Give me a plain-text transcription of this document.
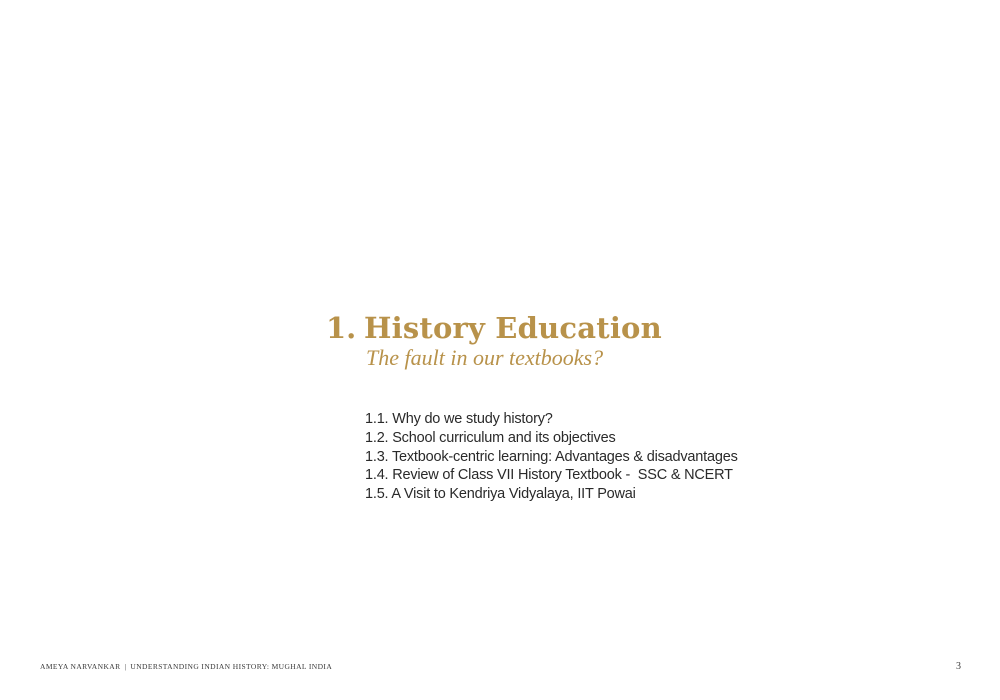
1. History Education
The fault in our textbooks?
1.1. Why do we study history?
1.2. School curriculum and its objectives
1.3. Textbook-centric learning: Advantages & disadvantages
1.4. Review of Class VII History Textbook -  SSC & NCERT
1.5. A Visit to Kendriya Vidyalaya, IIT Powai
AMEYA NARVANKAR | UNDERSTANDING INDIAN HISTORY: MUGHAL INDIA	3
